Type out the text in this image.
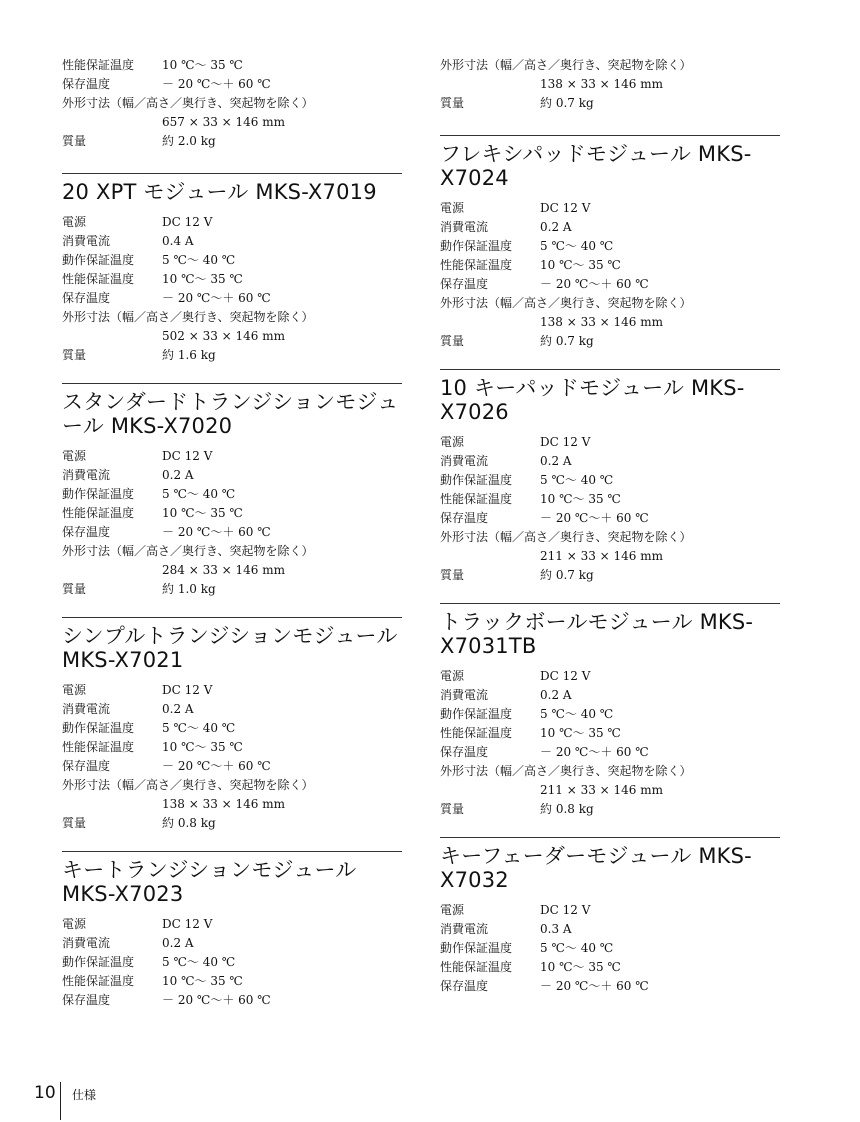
性能保証温度	10 ℃～ 35 ℃
保存温度	－ 20 ℃～＋ 60 ℃
外形寸法（幅／高さ／奥行き、突起物を除く）
657 × 33 × 146 mm
質量	約 2.0 kg
20 XPT モジュール MKS-X7019
電源	DC 12 V
消費電流	0.4 A
動作保証温度	5 ℃～ 40 ℃
性能保証温度	10 ℃～ 35 ℃
保存温度	－ 20 ℃～＋ 60 ℃
外形寸法（幅／高さ／奥行き、突起物を除く）
502 × 33 × 146 mm
質量	約 1.6 kg
スタンダードトランジションモジュール MKS-X7020
電源	DC 12 V
消費電流	0.2 A
動作保証温度	5 ℃～ 40 ℃
性能保証温度	10 ℃～ 35 ℃
保存温度	－ 20 ℃～＋ 60 ℃
外形寸法（幅／高さ／奥行き、突起物を除く）
284 × 33 × 146 mm
質量	約 1.0 kg
シンプルトランジションモジュール MKS-X7021
電源	DC 12 V
消費電流	0.2 A
動作保証温度	5 ℃～ 40 ℃
性能保証温度	10 ℃～ 35 ℃
保存温度	－ 20 ℃～＋ 60 ℃
外形寸法（幅／高さ／奥行き、突起物を除く）
138 × 33 × 146 mm
質量	約 0.8 kg
キートランジションモジュール MKS-X7023
電源	DC 12 V
消費電流	0.2 A
動作保証温度	5 ℃～ 40 ℃
性能保証温度	10 ℃～ 35 ℃
保存温度	－ 20 ℃～＋ 60 ℃
外形寸法（幅／高さ／奥行き、突起物を除く）
138 × 33 × 146 mm
質量	約 0.7 kg
フレキシパッドモジュール MKS-X7024
電源	DC 12 V
消費電流	0.2 A
動作保証温度	5 ℃～ 40 ℃
性能保証温度	10 ℃～ 35 ℃
保存温度	－ 20 ℃～＋ 60 ℃
外形寸法（幅／高さ／奥行き、突起物を除く）
138 × 33 × 146 mm
質量	約 0.7 kg
10 キーパッドモジュール MKS-X7026
電源	DC 12 V
消費電流	0.2 A
動作保証温度	5 ℃～ 40 ℃
性能保証温度	10 ℃～ 35 ℃
保存温度	－ 20 ℃～＋ 60 ℃
外形寸法（幅／高さ／奥行き、突起物を除く）
211 × 33 × 146 mm
質量	約 0.7 kg
トラックボールモジュール MKS-X7031TB
電源	DC 12 V
消費電流	0.2 A
動作保証温度	5 ℃～ 40 ℃
性能保証温度	10 ℃～ 35 ℃
保存温度	－ 20 ℃～＋ 60 ℃
外形寸法（幅／高さ／奥行き、突起物を除く）
211 × 33 × 146 mm
質量	約 0.8 kg
キーフェーダーモジュール MKS-X7032
電源	DC 12 V
消費電流	0.3 A
動作保証温度	5 ℃～ 40 ℃
性能保証温度	10 ℃～ 35 ℃
保存温度	－ 20 ℃～＋ 60 ℃
10 仕様
